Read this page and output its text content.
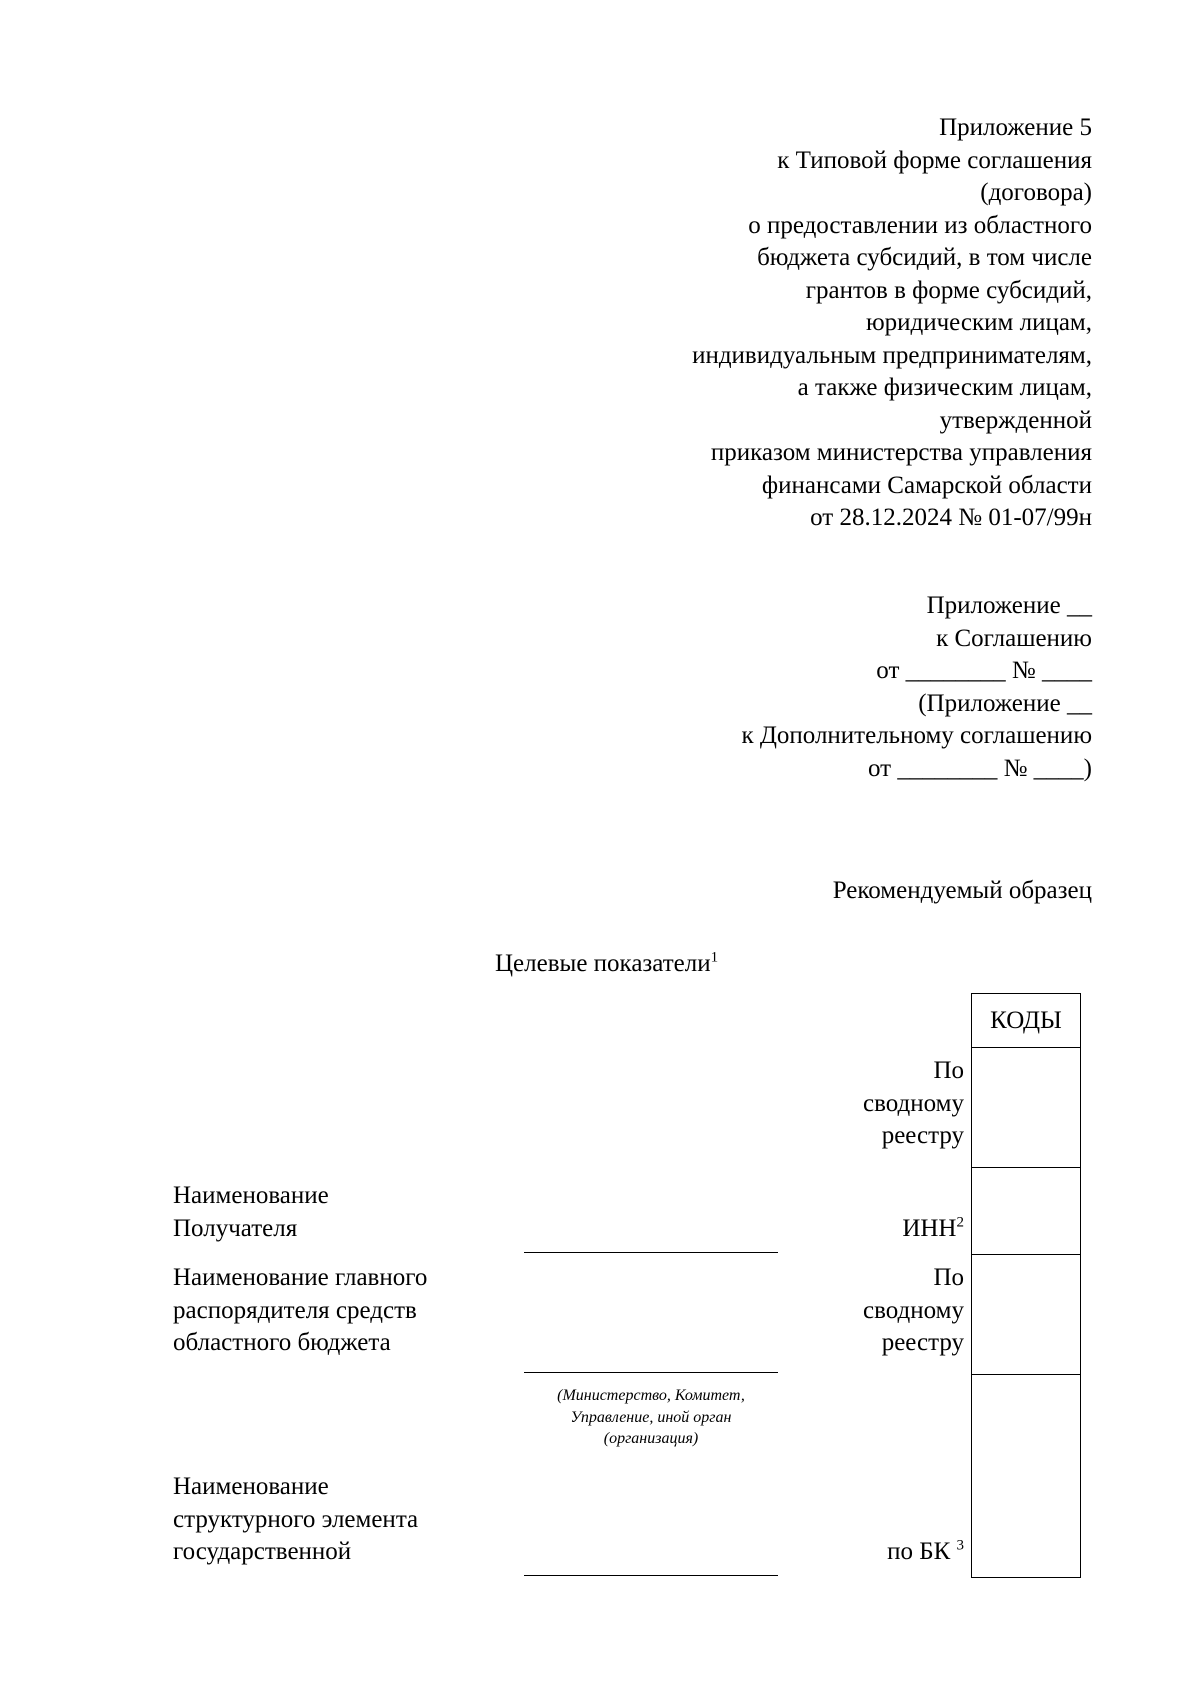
Приложение 5
к Типовой форме соглашения
(договора)
о предоставлении из областного
бюджета субсидий, в том числе
грантов в форме субсидий,
юридическим лицам,
индивидуальным предпринимателям,
а также физическим лицам,
утвержденной
приказом министерства управления
финансами Самарской области
от 28.12.2024 № 01-07/99н
Приложение __
к Соглашению
от ________ № ____
(Приложение __
к Дополнительному соглашению
от ________ № ____)
Рекомендуемый образец
Целевые показатели$^1$
КОДЫ
По
сводному
реестру
ИНН$^2$
По
сводному
реестру
по БК $^3$
Наименование
Получателя
Наименование главного
распорядителя средств
областного бюджета
Наименование
структурного элемента
государственной
(Министерство, Комитет,
Управление, иной орган
(организация)
